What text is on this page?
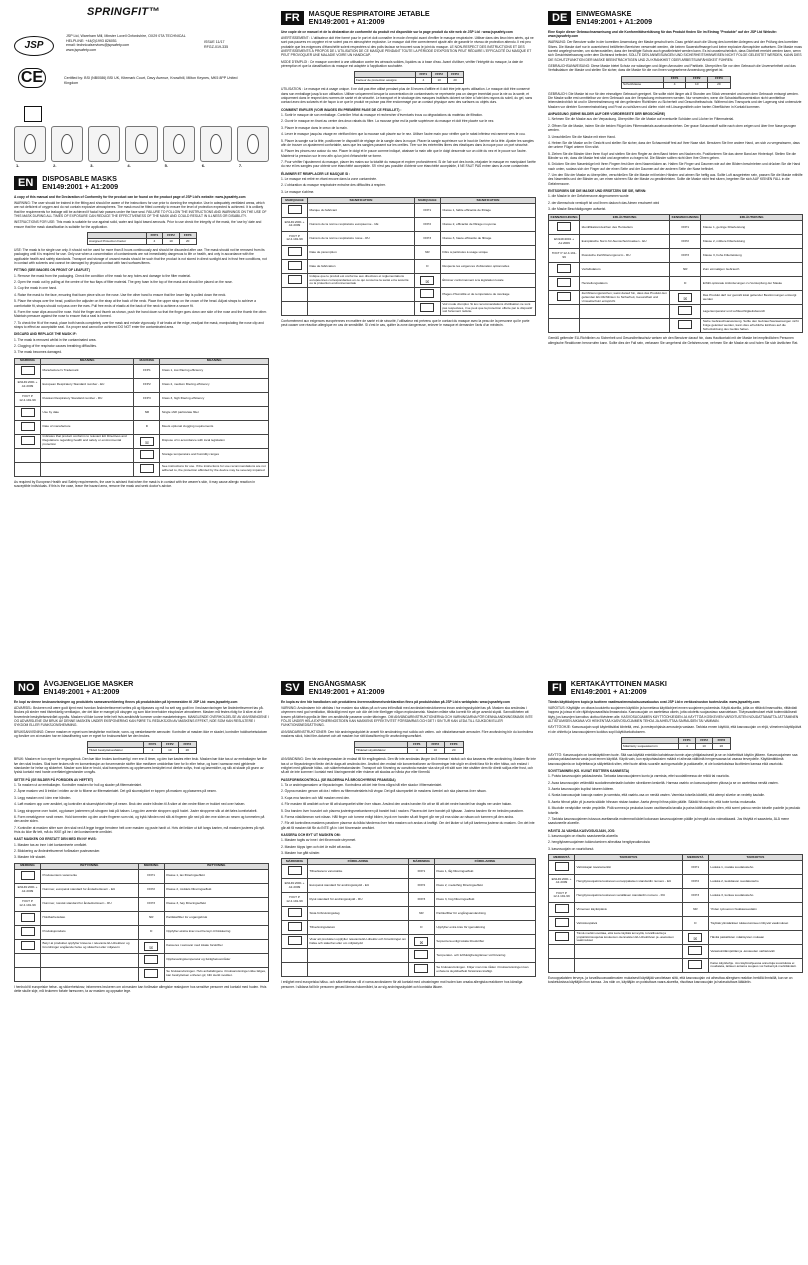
SPRINGFIT™
JSP
JSP Ltd, Wareham Mill, Minster Lovell Oxfordshire, OX29 0TA TECHNICAL HELPLINE: +44(0)1993 826051
email: technicalservices@jspsafety.com
www.jspsafety.com
ISSUE 11/17
RFGZ-019-335
CE	Certified by: BSI (NB0086) BSI UK, Kitemark Court, Davy Avenue, Knowlhill, Milton Keynes, MK5 8PP United Kingdom
1.	2.	3.	4.	5.	6.	7.
EN	DISPOSABLE MASKS
EN149:2001 + A1:2009

A copy of this manual and the Declaration of Conformity for the product can be found on the product page of JSP Ltd's website: www.jspsafety.com

WARNING: The user should be trained in the fitting and should be aware of the instructions for use prior to donning the respirator. Use in adequately ventilated areas, which are not deficient of oxygen and do not contain explosive atmospheres. The mask must be fitted correctly to ensure the level of protection expected is achieved. It is unlikely that the requirements for leakage will be achieved if facial hair passes under the face seal. FAILURE TO FOLLOW THE INSTRUCTIONS AND WARNINGS ON THE USE OF THIS MASK DURING ALL TIMES OF EXPOSURE CAN REDUCE THE EFFECTIVENESS OF THE MASK AND COULD RESULT IN ILLNESS OR DISABILITY.

INSTRUCTIONS FOR USE: This mask is suitable for use against solid, water and liquid based aerosols. Prior to use check the integrity of the mask, the 'use by' date and ensure that the mask classification is suitable for the application.

	FFP1	FFP2	FFP3
Assigned Protection Factor	4	10	20

USE: The mask is for single use only. It should not be used for more than 8 hours continuously and should be discarded after use. The mask should not be removed from its packaging until it is required for use. Only use when a concentration of contaminants are not immediately dangerous to life or health, and only in accordance with the applicable health and safety standards. Transport and storage of unused masks should be such that the product is not stored in direct sunlight and in frost free conditions, not in contact with solvents and cannot be damaged by physical contact with hard surfaces/items.

FITTING (SEE IMAGES ON FRONT OF LEAFLET)

1. Remove the mask from the packaging. Check the condition of the mask for any holes and damage to the filter material.

2. Open the mask out by pulling at the centre of the two flaps of filter material. The grey foam is the top of the mask and should be placed on the nose.

3. Cup the mask in one hand.

4. Raise the mask to the face, ensuring that foam piece sits on the nose. Use the other hand to ensure that the lower flap is pulled down the neck.

5. Place the straps over the head, position the adjuster on the strap at the back of the neck. Place the upper strap on the crown of the head. Adjust straps to achieve a comfortable fit, straps should not pass over the ears. Pull free ends of elastic at the back of the neck to achieve a secure fit.

6. Form the nose clips around the nose. Hold the finger and thumb as shown, push the hand down so that the finger goes down one side of the nose and the thumb the other. Maintain pressure against the nose to ensure that a seal is formed.

7. To check the fit of the mask, place both hands completely over the mask and exhale vigorously. If air leaks at the edge, readjust the mask, manipulating the nose clip and straps to effect an acceptable seal. If a proper seal cannot be achieved DO NOT enter the contaminated area.

DISCARD AND REPLACE THE MASK IF:

1. The mask is removed whilst in the contaminated area.

2. Clogging of the respirator causes breathing difficulties.

3. The mask becomes damaged.

MARKING	MEANING	MARKING	MEANING
	Manufacturer's Trademark	FFP1	Class 1, low filtering efficiency
EN149:2001 + A1:2009	European Respiratory Standard number - EU	FFP2	Class 2, medium filtering efficiency
ГОСТ Р 12.4.191-99	Russian Respiratory Standard number - RU	FFP3	Class 3, high filtering efficiency
	Use by date	NR	Single shift particulate filter
	Date of manufacture	D	Meets optional clogging requirements
	Indicates that product conforms to relevant EU Directives and Regulations regarding health and safety or environmental protection	☒	Dispose of in accordance with local legislation
			Storage temperature and humidity ranges
			See instructions for use. If the instructions for use recommendations are not adhered to, the protection afforded by the device may be severely impaired

As required by European Health and Safety requirements, the user is advised that when the mask is in contact with the wearer's skin, it may cause allergic reaction in susceptible individuals. If this is the case, leave the hazard area, remove the mask and seek doctor's advice.

FR	MASQUE RESPIRATOIRE JETABLE
EN149:2001 + A1:2009

Une copie de ce manuel et de la déclaration de conformité du produit est disponible sur la page produit du site web de JSP Ltd : www.jspsafety.com

AVERTISSEMENT : L'utilisateur doit être formé pour le port et doit connaître le mode d'emploi avant d'enfiler le masque respiratoire. Utiliser dans des lieux bien aérés, qui ne sont pas pauvres en oxygène et ne soient pas en atmosphère explosive. Le masque doit être correctement ajusté afin de garantir le niveau de protection attendu. Il est peu probable que les exigences d'étanchéité soient respectées si des poils faciaux se trouvent sous le joint du masque. LE NON-RESPECT DES INSTRUCTIONS ET DES AVERTISSEMENTS À PROPOS DE L'UTILISATION DE CE MASQUE PENDANT TOUTE LA PÉRIODE D'EXPOSITION PEUT RÉDUIRE L'EFFICACITÉ DU MASQUE ET PEUT PROVOQUER UNE MALADIE VOIRE UN HANDICAP.

MODE D'EMPLOI : Ce masque convient à une utilisation contre les aérosols solides, liquides ou à base d'eau. Avant d'utiliser, vérifier l'intégrité du masque, la date de péremption et que la classification du masque est adaptée à l'application souhaitée.

	FFP1	FFP2	FFP3
Facteur de protection assigné	4	10	20

UTILISATION : Le masque est à usage unique. Il ne doit pas être utilisé pendant plus de 8 heures d'affilée et il doit être jeté après utilisation. Le masque doit être conservé dans son emballage jusqu'à son utilisation. Utiliser uniquement lorsque la concentration de contaminants ne représente pas un danger immédiat pour la vie ou la santé, et uniquement dans le respect des normes de santé et de sécurité. Le transport et le stockage des masques inutilisés doivent se faire à l'abri des rayons du soleil, du gel, sans contact avec des solvants et de façon à ce que le produit ne puisse pas être endommagé par un contact physique avec des surfaces ou objets durs.

COMMENT ENFILER (VOIR IMAGES EN PREMIÈRE PAGE DE CE FEUILLET) :

1. Sortir le masque de son emballage. Contrôler l'état du masque et rechercher d'éventuels trous ou dégradations du matériau de filtration.

2. Ouvrir le masque en tirant au centre des deux rabats du filtre. La mousse grise est la partie supérieure du masque et doit être placée sur le nez.

3. Placer le masque dans le creux de la main.

4. Lever le masque jusqu'au visage en vérifiant bien que la mousse soit placée sur le nez. Utiliser l'autre main pour vérifier que le rabat inférieur est ramené vers le cou.

5. Placer la sangle sur la tête, positionner le dispositif de réglage de la sangle dans la nuque. Placer la sangle supérieure sur le haut de l'arrière de la tête. Ajuster les sangles afin de trouver un ajustement confortable, sans que les sangles passent sur les oreilles. Tirer sur les extrémités libres des élastiques dans la nuque pour un port sécurisé.

6. Placer les pinces-nez autour du nez. Placer le doigt et le pouce comme indiqué, abaisser la main afin que le doigt descende sur un côté du nez et le pouce sur l'autre. Maintenir la pression sur le nez afin qu'un joint d'étanchéité se forme.

7. Pour vérifier l'ajustement du masque, placer les mains sur la totalité du masque et expirer profondément. Si de l'air sort des bords, réajuster le masque en manipulant l'arête du nez et les sangles pour obtenir une étanchéité acceptable. S'il n'est pas possible d'obtenir une étanchéité acceptable, il NE FAUT PAS entrer dans la zone contaminée.

ÉLIMINER ET REMPLACER LE MASQUE SI :

1. Le masque est retiré en étant encore dans la zone contaminée.

2. L'obturation du masque respiratoire entraîne des difficultés à respirer.

3. Le masque s'abîme.

MARQUAGE	SIGNIFICATION	MARQUAGE	SIGNIFICATION
	Marque du fabricant	FFP1	Classe 1, faible efficacité de filtrage
EN149:2001 + A1:2009	Numéro de la norme respiratoire européenne - UE	FFP2	Classe 2, efficacité de filtrage moyenne
ГОСТ Р 12.4.191-99	Numéro de la norme respiratoire russe - RU	FFP3	Classe 3, haute efficacité de filtrage
	Date de péremption	NR	Filtre à particules à usage unique
	Date de fabrication	D	Respecte les exigences d'obturation optionnelles
	Indique que le produit est conforme aux directives et réglementations européennes correspondantes en ce qui concerne la santé et la sécurité ou la protection environnementale	☒	Éliminer conformément à la législation locale
			Plages d'humidité et de température de stockage
			Voir mode d'emploi. Si les recommandations d'utilisation ne sont pas respectées, il se peut que la protection offerte par le dispositif soit fortement réduite.

Conformément aux exigences européennes en matière de santé et de sécurité, l'utilisateur est prévenu que le contact du masque avec la peau de la personne qui le porte peut causer une réaction allergique en cas de sensibilité. Si c'est le cas, quitter la zone dangereuse, enlever le masque et demander l'avis d'un médecin.

DE	EINWEGMASKE
EN149:2001 + A1:2009

Eine Kopie dieser Gebrauchsanweisung und die Konformitätserklärung für das Produkt finden Sie im Eintrag "Produkte" auf der JSP Ltd Website: www.jspsafety.com

WARNUNG: Der Benutzer sollte in der korrekten Anwendung der Maske geschult sein. Dazu gehört auch die Übung des korrekten Anlegens und der Prüfung des korrekten Sitzes. Die Maske darf nur in ausreichend belüfteten Bereichen verwendet werden, die keinen Sauerstoffmangel und keine explosive Atmosphäre aufweisen. Die Maske muss korrekt angelegt werden, um sicherzustellen, dass der benötigte Schutz auch gewährleistet werden kann. Es ist unwahrscheinlich, dass Dichtheit erreicht werden kann, wenn sich Gesichtsbehaarung unter dem Dichtrand befindet. SOLLTE DEN ANWEISUNGEN UND SICHERHEITSHINWEISEN NICHT FOLGE GELEISTET WERDEN, KANN DIES DIE SCHUTZFUNKTION DER MASKE BEEINTRÄCHTIGEN UND ZU KRANKHEIT ODER ARBEITSUNFÄHIGKEIT FÜHREN.

GEBRAUCHSANWEISUNG: Diese Maske bietet Schutz vor wässrigen und öligen Aerosolen und Partikeln. Überprüfen Sie vor dem Gebrauch die Unversehrtheit und das Verfallsdatum der Maske und stellen Sie sicher, dass die Maske für die von Ihnen vorgesehene Anwendung geeignet ist.

	FFP1	FFP2	FFP3
Schutzklasse	4	10	20

GEBRAUCH: Die Maske ist nur für den einmaligen Gebrauch geeignet. Sie sollte nicht länger als 8 Stunden am Stück verwendet und nach dem Gebrauch entsorgt werden. Die Maske sollte erst unmittelbar vor dem Gebrauch aus der Verpackung entnommen werden. Nur verwenden, wenn die Schadstoffkonzentration nicht unmittelbar lebensbedrohlich ist und in Übereinstimmung mit den geltenden Richtlinien zu Sicherheit und Gesundheitsschutz. Während des Transports und der Lagerung sind unbenutzte Masken vor direkter Sonneneinstrahlung und Frost zu schützen und dürfen nicht mit Lösungsmitteln oder harten Oberflächen in Kontakt kommen.

ANPASSUNG (SIEHE BILDER AUF DER VORDERSEITE DER BROSCHÜRE)

1. Nehmen Sie die Maske aus der Verpackung. Überprüfen Sie die Maske auf eventuelle Schäden und Löcher im Filtermaterial.

2. Öffnen Sie die Maske, indem Sie die beiden Flügel des Filtermaterials auseinanderziehen. Der graue Schaumstoff sollte nach oben zeigen und über Ihre Nase gezogen werden.

3. Umschließen Sie die Maske mit einer Hand.

4. Heben Sie die Maske an Ihr Gesicht und stellen Sie sicher, dass der Schaumstoff fest auf Ihrer Nase sitzt. Benutzen Sie Ihre andere Hand, um sich zu vergewissern, dass der untere Flügel unterm Kinn sitzt.

5. Ziehen Sie die Bänder über Ihren Kopf und stellen Sie den Regler an dem Band hinten am Nacken ein. Positionieren Sie das obere Band am Hinterkopf. Stellen Sie die Bänder so ein, dass die Maske fest sitzt und angenehm zu tragen ist. Die Bänder sollten nicht über Ihre Ohren gehen.

6. Drücken Sie den Nasenbügel mit Ihren Fingern fest über dem Nasenrücken an. Halten Sie Finger und Daumen wie auf den Bildern beschrieben und drücken Sie die Hand nach unten, sodass sich der Finger auf der einen Seite und der Daumen auf der anderen Seite der Nase befindet.

7. Um den Sitz der Maske zu überprüfen, verschließen Sie die Maske mit beiden Händen und atmen Sie heftig aus. Sollte Luft ausgetreten sein, passen Sie die Maske mithilfe des Nasenteils und der Bänder an, um einen sicheren Sitz der Maske zu gewährleisten. Sollte die Maske nicht fest sitzen, begeben Sie sich AUF KEINEN FALL in die Gefahrenzone.

ENTSORGEN SIE DIE MASKE UND ERSETZEN SIE SIE, WENN:

1. die Maske in der Gefahrenzone abgenommen wurde

2. der Atemschutz verstopft ist und Ihnen dadurch das Atmen erschwert wird

3. die Maske Beschädigungen aufweist.

KENNZEICHNUNG	ERLÄUTERUNG	KENNZEICHNUNG	ERLÄUTERUNG
	Identifikationszeichen des Herstellers	FFP1	Klasse 1, geringe Filterleistung
EN149:2001 + A1:2009	Europäische Norm für Atemschutzmasken - EU	FFP2	Klasse 2, mittlere Filterleistung
ГОСТ Р 12.4.191-99	Russische Zertifizierungsnorm - RU	FFP3	Klasse 3, hohe Filterleistung
	Verfallsdatum	NR	Zum einmaligen Gebrauch
	Herstellungsdatum	D	Erfüllt optionale Anforderungen zu Verstopfung der Maske
	Zertifizierungszeichen; weist darauf hin, dass das Produkt den geltenden EU-Richtlinien zu Sicherheit, Gesundheit und Umweltschutz entspricht	☒	Das Produkt darf nur gemäß lokal geltender Bestimmungen entsorgt werden
			Lagertemperatur und Luftfeuchtigkeitsbereich
			Siehe Gebrauchsanweisung. Sollte den Gebrauchsanweisungen nicht Folge geleistet werden, kann dies erhebliche Einfluss auf die Schutzwirkung des Geräts haben.

Gemäß geltender EU-Richtlinien zu Sicherheit und Gesundheitsschutz weisen wir den Benutzer darauf hin, dass Hautkontakt mit der Maske bei empfindlichen Personen allergische Reaktionen hervorrufen kann. Sollte dies der Fall sein, verlassen Sie umgehend die Gefahrenzone, nehmen Sie die Maske ab und holen Sie sich ärztlichen Rat.

NO	ÅVGJENGELIGE MASKER
EN149:2001 + A1:2009

En kopi av denne bruksanvisningen og produktets samsvarserklæring finnes på produktsiden på hjemmesiden til JSP Ltd: www.jspsafety.com

ADVARSEL: Brukeren må være godt kjent med hvordan åndedrettsvernet settes på og tilpasses og må ha sett seg godt inn i bruksanvisningen før åndedrettsvernet tas på. Brukes på steder med tilstrekkelig ventilasjon, der det ikke er mangel på oksygen og som ikke inneholder eksplosive atmosfærer. Masken må festes riktig for å sikre at det forventede beskyttelsesnivået oppnås. Masken vil ikke kunne tette helt hvis ansiktshår kommer under masketetningen. MANGLENDE OVERHOLDELSE AV ANVISNINGENE I OG ADVARSLENE OM BRUK AV DENNE MASKEN UNDER EKSPONERING KAN FØRE TIL REDUKSJON AV MASKENS EFFEKT, NOE SOM KAN RESULTERE I SYKDOM ELLER FUNKSJONSHEMMING.

BRUKSANVISNING: Denne masken er egnet som beskyttelse mot faste, vann- og væskebaserte aerosoler. Kontroller at masken ikke er skadet, kontroller holdbarhetsdatoen og forsikre om at masken har en klassifisering som er egnet for bruksområdet før den brukes.

	FFP1	FFP2	FFP3
Tildelt beskyttelsesfaktor	4	10	20

BRUK: Masken er kun egnet for engangsbruk. Den bør ikke brukes kontinuerlig i mer enn 8 timer, og den bør kastes etter bruk. Masken bør ikke tas ut av emballasjen før like før den skal brukes. Skal bare brukes når en konsentrasjon av forurensende stoffer ikke medfører umiddelbar fare for liv eller helse, og bare i samsvar med gjeldende standarder for helse og sikkerhet. Masker som ikke er brukt, skal transporteres og oppbevares beskyttet mot direkte sollys, frost og løsemidler, og slik at skade på grunn av fysisk kontakt med harde overflater/gjenstander unngås.

SETTE PÅ (SE BILDER PÅ FORSIDEN AV HEFTET)

1. Ta masken ut av emballasjen. Kontroller masken for hull og skader på filtermaterialet.

2. Åpne masken ved å trekke i midten av de to flikene av filtermaterialet. Det grå skumstykket er toppen på masken og plasseres på nesen.

3. Legg masken ned i den ene hånden.

4. Løft masken opp over ansiktet, og kontroller at skumstykket sitter på nesen. Bruk den andre hånden til å sikre at den nedre fliken er trukket ned over halsen.

5. Legg stroppene over hodet, og plasser justereren på stroppen bak på halsen. Legg den øverste stroppen oppå hodet. Juster stroppene slik at det føles komfortabelt.

6. Form neseklypene rundt nesen. Hold tommelen og den andre fingeren som vist, og trykk hånden ned slik at fingeren går ned på den ene siden av nesen og tommelen på den andre siden.

7. Kontroller at masken sitter som den skal ved å legge begge hendene helt over masken og puste hardt ut. Hvis det lekker ut luft langs kanten, må masken justeres på nytt. Hvis du ikke får tett, må du IKKE gå inn i det kontaminerte området.

KAST MASKEN OG ERSTATT DEN MED EN NY HVIS:

1. Masken tas av inne i det kontaminerte området.

2. Blokkering av åndedrettsvernet forårsaker pustevansker.

3. Masken blir skadet.

MERKING	BETYDNING	MERKING	BETYDNING
	Produsentens varemerke	FFP1	Klasse 1, lav filtreringseffekt
EN149:2001 + A1:2009	Nummer, europeisk standard for åndedrettsvern - EU	FFP2	Klasse 2, middels filtreringseffekt
ГОСТ Р 12.4.191-99	Nummer, russisk standard for åndedrettsvern - RU	FFP3	Klasse 3, høy filtreringseffekt
	Holdbarhetsdato	NR	Partikkelfilter for engangsbruk
	Produksjonsdato	D	Oppfyller ekstra krav med hensyn til blokkering
	Betyr at produktet oppfyller kravene i relevante EU-direktiver og forordninger angående helse og sikkerhet eller miljøvern	☒	Kasseres i samsvar med lokale forskrifter
			Oppbevaringstemperatur og fuktighetsområder
			Se bruksanvisningen. Hvis anbefalingene i bruksanvisningen ikke følges, kan beskyttelsen enheten gir, blitt sterkt svekket.

I henhold til europeiske helse- og sikkerhetskrav, informeres brukeren om at masken kan forårsake allergiske reaksjoner hos sensitive personer ved kontakt med huden. Hvis dette skulle skje, må brukeren forlate faresonen, ta av masken og oppsøke lege.

SV	ENGÅNGSMASK
EN149:2001 + A1:2009

En kopia av den här handboken och produktens överensstämmelsedeklaration finns på produktsidan på JSP Ltd:s webbplats: www.jspsafety.com

VARNING: Användaren bör utbildas i hur masken ska sättas på och vara införstådd med användarinstruktionerna innan andningsskyddet tas på. Masken ska användas i utrymmen med god ventilation, tillräckligt med syre och där det inte föreligger någon explosionsrisk. Masken måste sitta korrekt för att ge avsedd skydd. Sannolikheten att kraven på täthet uppnås är liten om ansiktshår passerar under tätningen. OM ANVÄNDARINSTRUKTIONERNA OCH VARNINGARNA FÖR DENNA ANDNINGSMASK INTE FÖLJS UNDER HELA EXPONERINGSTIDEN KAN MASKENS EFFEKTIVITET FÖRSÄMRAS OCH DET I SIN TUR KAN LEDA TILL SJUKDOM ELLER FUNKTIONSNEDSÄTTNING.

ANVÄNDARINSTRUKTIONER: Den här andningsskyddet är avsett för användning mot solida och vatten- och vätskebaserade aerosoler. Före användning bör du kontrollera maskens skick, bäst före-datumet och att masken har rätt klassificering för användningsområdet.

	FFP1	FFP2	FFP3
Tilldelad skyddsfaktor	4	10	20

ANVÄNDNING: Den här andningsmasken är endast till för engångsbruk. Den får inte användas längre än 8 timmar i sträck och ska kasseras efter användning. Masken får inte tas ut ur förpackningen förrän det är dags att använda den. Använd den endast när koncentrationen av föroreningar inte utgör en direkt fara för liv eller hälsa, och endast i enlighet med gällande hälso- och säkerhetsstandarder. Transport och förvaring av oanvända masker ska ske på ett sätt som inte utsätter dem för direkt solljus eller frost, och så att de inte kommer i kontakt med lösningsmedel eller riskerar att skadas av hårda ytor eller föremål.

PASSFORMSKONTROLL (SE BILDERNA PÅ BROSCHYRENS FRAMSIDA)

1. Ta ur andningsmasken ur förpackningen. Kontrollera att det inte finns några hål eller skador i filtermaterialet.

2. Öppna masken genom att dra i mitten av filtermaterialets två vingar. Det grå skumpartiet är maskens överdel och ska placeras över näsan.

3. Kupa ena handen och håll masken med den.

4. För masken till ansiktet och se till att skumpartiet sitter över näsan. Använd den andra handen för att se till att det nedre bandet har dragits ner under hakan.

5. Dra banden över huvudet och placera justeringsmekanismen på bandet bak i nacken. Placera det övre bandet på hjässan. Justera banden för en bekväm passform.

6. Forma näsklämman runt näsan. Håll finger och tumme enligt bilden, tryck ner handen så att fingret går ner på ena sidan av näsan och tummen på den andra.

7. För att kontrollera maskens passform placerar du båda händerna över hela masken och andas ut kraftigt. Om det läcker ut luft på kanterna justerar du masken. Om det inte går att få masken tät får du INTE gå in i det förorenade området.

KASSERA OCH BYT UT MASKEN OM:

1. Masken tagits av inne i det förorenade utrymmet.

2. Masken täpps igen och det är svårt att andas.

3. Masken har gått sönder.

MÄRKNING	FÖRKLARING	MÄRKNING	FÖRKLARING
	Tillverkarens varumärke	FFP1	Klass 1, låg filtreringseffekt
EN149:2001 + A1:2009	Europeisk standard för andningsskydd - EU	FFP2	Klass 2, medelhög filtreringseffekt
ГОСТ Р 12.4.191-99	Rysk standard för andningsskydd - RU	FFP3	Klass 3, hög filtreringseffekt
	Sista förbrukningsdag	NR	Partikelfilter för engångsanvändning
	Tillverkningsdatum	D	Uppfyller extra krav för igensättning
	Visar att produkten uppfyller relevanta EU-direktiv och förordningar om hälsa och säkerhet eller om miljöskydd	☒	Sopsortera enligt lokala föreskrifter
			Temperatur- och luftfuktighetsgränser vid förvaring
			Se bruksanvisningen. Följer man inte råden i bruksanvisningen kan enhetens skyddseffekt försämras kraftigt.

I enlighet med europeiska hälso- och säkerhetskrav vill vi varna användaren för att kontakt med utrustningen mot huden kan orsaka allergiska reaktioner hos känsliga personer. I sådana fall bör personen genast lämna riskområdet, ta av sig andningsskyddet och kontakta läkare.

FI	KERTAKÄYTTÖINEN MASKI
EN149:2001 + A1:2009

Tämän käyttöohjeen kopio ja tuotteen vaatimustenmukaisuusvakuutus ovat JSP Ltd:n verkkosivuston tuotesivulla: www.jspsafety.com

VAROITUS: Käyttäjän on oltava koulutettu suojaimen käyttöön ja tunnettava käyttöohjeet ennen suojaimen pukemista. Käytä alueilla, joilla on riittävä ilmanvaihto, riittävästi happea ja joissa ei ole räjähdysvaarallisia ilmaseoksia. Kasvosuojain on asetettava oikein, jotta odotettu suojaustaso saavutetaan. Tiiviysvaatimukset eivät todennäköisesti täyty, jos kasvojen karvoitus ulottuu tiivisteen alle. KASVOSUOJAIMEN KÄYTTÖOHJEIDEN JA KÄYTTÖÄ KOSKEVIEN VAROITUSTEN NOUDATTAMATTA JÄTTÄMINEN ALTISTUMISEN AIKANA VOI HEIKENTÄÄ KASVOSUOJAIMEN TEHOA JA AIHEUTTAA SAIRAUDEN TAI VAMMAN.

KÄYTTÖOHJE: Kasvosuojain sopii käytettäväksi kiinteitä, vesi- ja nestepohjaisia aerosoleja vastaan. Tarkista ennen käyttöä, että kasvosuojain on ehjä, viimeinen käyttöpäivä ei ole ohitettu ja kasvosuojaimen luokitus sopii käyttötarkoitukseen.

	FFP1	FFP2	FFP3
Määritetty suojauskerroin	4	10	20

KÄYTTÖ: Kasvosuojain on kertakäyttöinen tuote. Sitä saa käyttää enintään kahdeksan tunnin ajan yhtäjaksoisesti ja se on hävitettävä käytön jälkeen. Kasvosuojaimen saa poistaa pakkauksesta vasta juuri ennen käyttöä. Käytä vain, kun epäpuhtauksien määrä ei aiheuta välitöntä hengenvaaraa tai vaaraa terveydelle. Käyttämättömiä kasvosuojaimia on kuljetettava ja säilytettävä siten, ettei tuote altistu suoralle auringonvalolle ja pakkaselle, ei ole kosketuksissa liuottimien kanssa eikä vaurioidu.

SOVITTAMINEN (KS. KUVAT ESITTEEN KANNESTA)

1. Poista kasvosuojain pakkauksesta. Tarkasta kasvosuojaimen kunto ja varmista, ettei suodattimessa ole reikiä tai vaurioita.

2. Avaa kasvosuojain vetämällä suodatinmateriaalin kahden siivekkeen keskeltä. Harmaa vaahto on kasvosuojaimen yläosa ja se on asetettava nenää vasten.

3. Aseta kasvosuojain kupiksi toiseen käteen.

4. Nosta kasvosuojain kasvoja vasten ja varmista, että vaahto-osa on nenää vasten. Varmista toisella kädellä, että alempi siiveke on vedetty kaulalle.

5. Aseta hihnat pään yli ja aseta säädin hihnaan niskan taakse. Aseta ylempi hihna pään päälle. Säädä hihnat niin, että tuote tuntuu mukavalta.

6. Muotoile nenäpidike nenän ympärille. Pidä sormea ja peukaloa kuvan osoittamalla tavalla ja paina kättä alaspäin siten, että sormi painuu nenän toiselle puolelle ja peukalo toiselle.

7. Tarkista kasvosuojaimen istuvuus asettamalla molemmat kädet kokonaan kasvosuojaimen päälle ja hengitä ulos voimakkaasti. Jos tiiviyttä ei saavuteta, ÄLÄ mene saastuneelle alueelle.

HÄVITÄ JA VAIHDA KASVOSUOJAIN, JOS:

1. kasvosuojain on riisuttu saastuneella alueella

2. hengityksensuojaimen tukkeutuminen aiheuttaa hengitysvaikeuksia

3. kasvosuojain on vaurioitunut.

MERKINTÄ	TARKOITUS	MERKINTÄ	TARKOITUS
	Valmistajan tavaramerkki	FFP1	Luokka 1, matala suodatusteho
EN149:2001 + A1:2009	Hengityssuojaimia koskevan eurooppalaisen standardin numero - EU	FFP2	Luokka 2, keskitason suodatusteho
ГОСТ Р 12.4.191-99	Hengityssuojaimia koskevan venäläisen standardin numero - RU	FFP3	Luokka 3, korkea suodatusteho
	Viimeinen käyttöpäivä	NR	Yhden työvuoron hiukkassuodatin
	Valmistuspäivä	D	Täyttää ylimääräiset tukkeutumiseen liittyvät vaatimukset
	Tämä merkki osoittaa, että tuote täyttää terveyttä, turvallisuutta ja ympäristönsuojelua koskevien olennaisten EU-direktiivien ja -asetusten vaatimukset	☒	Hävitä paikallisten määräysten mukaan
			Varastointilämpötilan ja -kosteuden vaihteluväli
			Katso käyttöohje. Jos käyttöohjeessa annettuja suosituksia ei noudateta, laitteen antama suojaus voi heikentyä merkittävästi.

Eurooppalaisten terveys- ja turvallisuusvaatimusten mukaisesti käyttäjää varoitetaan siitä, että kasvosuojain voi aiheuttaa allergisen reaktion herkillä ihmisillä, kun se on kosketuksissa käyttäjän ihon kanssa. Jos näin on, käyttäjän on poistuttava vaara-alueelta, riisuttava kasvosuojain ja hakeuduttava lääkäriin.
